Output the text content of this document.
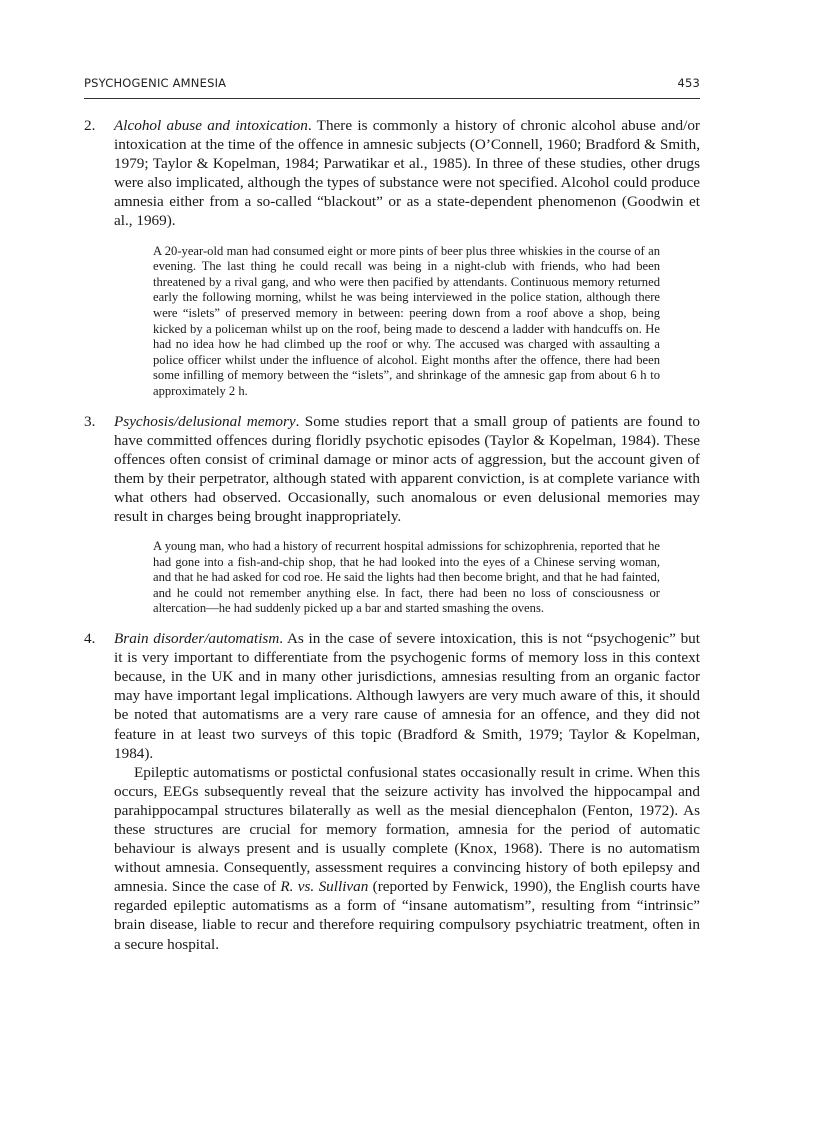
PSYCHOGENIC AMNESIA	453
2. Alcohol abuse and intoxication. There is commonly a history of chronic alcohol abuse and/or intoxication at the time of the offence in amnesic subjects (O’Connell, 1960; Bradford & Smith, 1979; Taylor & Kopelman, 1984; Parwatikar et al., 1985). In three of these studies, other drugs were also implicated, although the types of substance were not specified. Alcohol could produce amnesia either from a so-called “blackout” or as a state-dependent phenomenon (Goodwin et al., 1969).

A 20-year-old man had consumed eight or more pints of beer plus three whiskies in the course of an evening. The last thing he could recall was being in a night-club with friends, who had been threatened by a rival gang, and who were then pacified by attendants. Continuous memory returned early the following morning, whilst he was being interviewed in the police station, although there were “islets” of preserved memory in between: peering down from a roof above a shop, being kicked by a policeman whilst up on the roof, being made to descend a ladder with handcuffs on. He had no idea how he had climbed up the roof or why. The accused was charged with assaulting a police officer whilst under the influence of alcohol. Eight months after the offence, there had been some infilling of memory between the “islets”, and shrinkage of the amnesic gap from about 6 h to approximately 2 h.
3. Psychosis/delusional memory. Some studies report that a small group of patients are found to have committed offences during floridly psychotic episodes (Taylor & Kopelman, 1984). These offences often consist of criminal damage or minor acts of aggression, but the account given of them by their perpetrator, although stated with apparent conviction, is at complete variance with what others had observed. Occasionally, such anomalous or even delusional memories may result in charges being brought inappropriately.

A young man, who had a history of recurrent hospital admissions for schizophrenia, reported that he had gone into a fish-and-chip shop, that he had looked into the eyes of a Chinese serving woman, and that he had asked for cod roe. He said the lights had then become bright, and that he had fainted, and he could not remember anything else. In fact, there had been no loss of consciousness or altercation—he had suddenly picked up a bar and started smashing the ovens.
4. Brain disorder/automatism. As in the case of severe intoxication, this is not “psychogenic” but it is very important to differentiate from the psychogenic forms of memory loss in this context because, in the UK and in many other jurisdictions, amnesias resulting from an organic factor may have important legal implications. Although lawyers are very much aware of this, it should be noted that automatisms are a very rare cause of amnesia for an offence, and they did not feature in at least two surveys of this topic (Bradford & Smith, 1979; Taylor & Kopelman, 1984).

Epileptic automatisms or postictal confusional states occasionally result in crime. When this occurs, EEGs subsequently reveal that the seizure activity has involved the hippocampal and parahippocampal structures bilaterally as well as the mesial diencephalon (Fenton, 1972). As these structures are crucial for memory formation, amnesia for the period of automatic behaviour is always present and is usually complete (Knox, 1968). There is no automatism without amnesia. Consequently, assessment requires a convincing history of both epilepsy and amnesia. Since the case of R. vs. Sullivan (reported by Fenwick, 1990), the English courts have regarded epileptic automatisms as a form of “insane automatism”, resulting from “intrinsic” brain disease, liable to recur and therefore requiring compulsory psychiatric treatment, often in a secure hospital.
